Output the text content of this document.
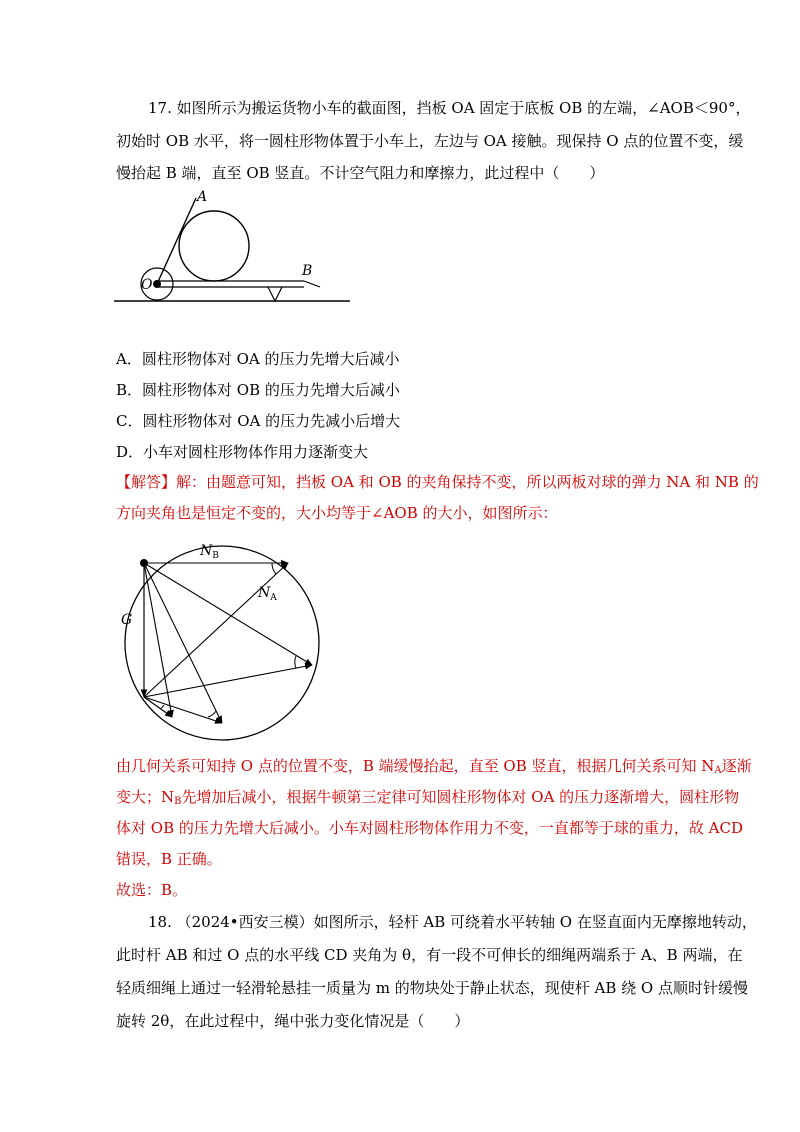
17. 如图所示为搬运货物小车的截面图，挡板 OA 固定于底板 OB 的左端，∠AOB＜90°，
初始时 OB 水平，将一圆柱形物体置于小车上，左边与 OA 接触。现保持 O 点的位置不变，缓
慢抬起 B 端，直至 OB 竖直。不计空气阻力和摩擦力，此过程中（　　）
A
B
O
A．圆柱形物体对 OA 的压力先增大后减小
B．圆柱形物体对 OB 的压力先增大后减小
C．圆柱形物体对 OA 的压力先减小后增大
D．小车对圆柱形物体作用力逐渐变大
【解答】解：由题意可知，挡板 OA 和 OB 的夹角保持不变，所以两板对球的弹力 NA 和 NB 的
方向夹角也是恒定不变的，大小均等于∠AOB 的大小，如图所示：
$N_B$
$N_A$
G
由几何关系可知持 O 点的位置不变，B 端缓慢抬起，直至 OB 竖直，根据几何关系可知 $N_A$逐渐
变大；$N_B$先增加后减小，根据牛顿第三定律可知圆柱形物体对 OA 的压力逐渐增大，圆柱形物
体对 OB 的压力先增大后减小。小车对圆柱形物体作用力不变，一直都等于球的重力，故 ACD
错误，B 正确。
故选：B。
18. （2024•西安三模）如图所示，轻杆 AB 可绕着水平转轴 O 在竖直面内无摩擦地转动，
此时杆 AB 和过 O 点的水平线 CD 夹角为 θ，有一段不可伸长的细绳两端系于 A、B 两端，在
轻质细绳上通过一轻滑轮悬挂一质量为 m 的物块处于静止状态，现使杆 AB 绕 O 点顺时针缓慢
旋转 2θ，在此过程中，绳中张力变化情况是（　　）
